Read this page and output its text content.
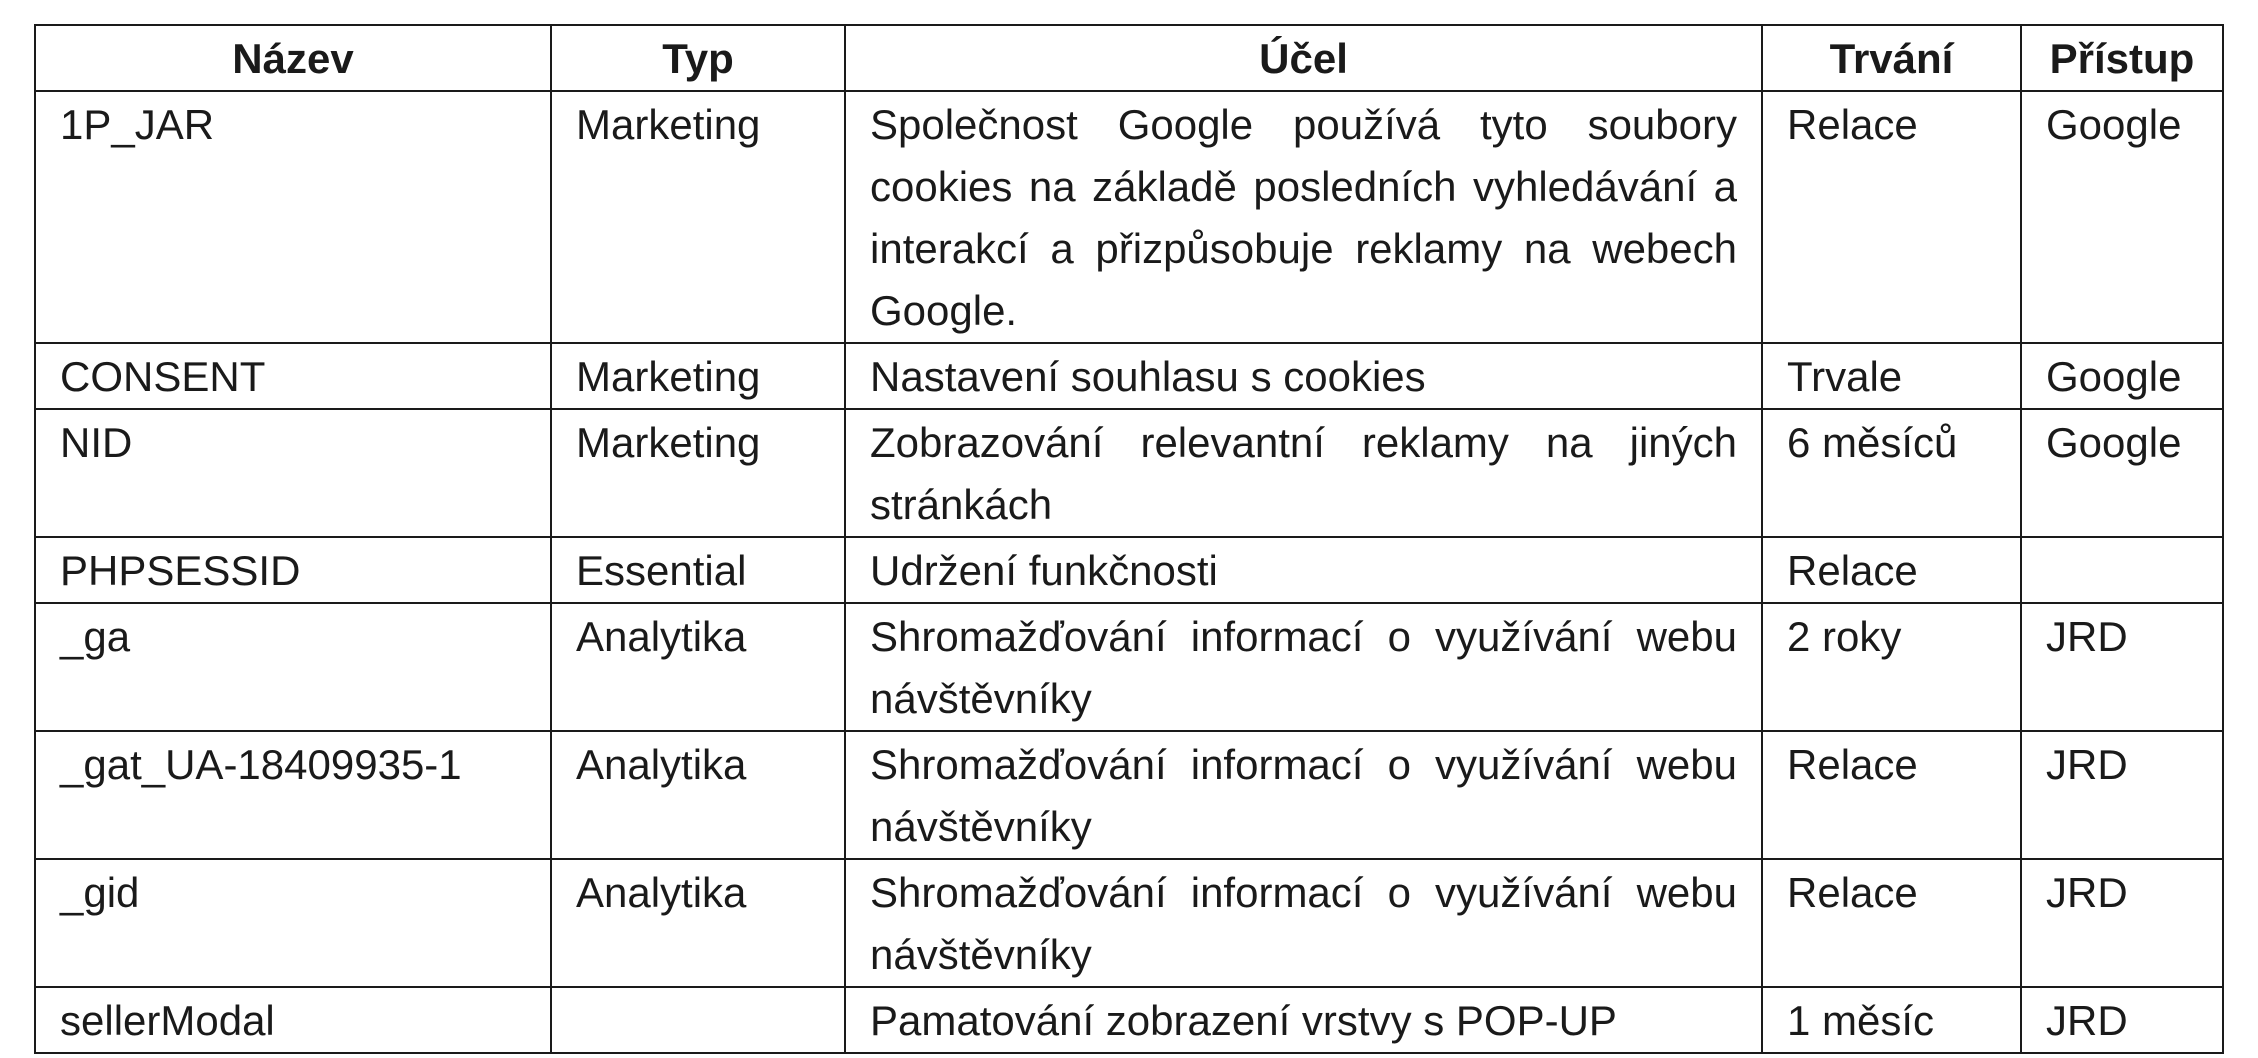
Název	Typ	Účel	Trvání	Přístup
1P_JAR	Marketing	Společnost Google používá tyto soubory cookies na základě posledních vyhledávání a interakcí a přizpůsobuje reklamy na webech Google.	Relace	Google
CONSENT	Marketing	Nastavení souhlasu s cookies	Trvale	Google
NID	Marketing	Zobrazování relevantní reklamy na jiných stránkách	6 měsíců	Google
PHPSESSID	Essential	Udržení funkčnosti	Relace	
_ga	Analytika	Shromažďování informací o využívání webu návštěvníky	2 roky	JRD
_gat_UA-18409935-1	Analytika	Shromažďování informací o využívání webu návštěvníky	Relace	JRD
_gid	Analytika	Shromažďování informací o využívání webu návštěvníky	Relace	JRD
sellerModal		Pamatování zobrazení vrstvy s POP-UP	1 měsíc	JRD
